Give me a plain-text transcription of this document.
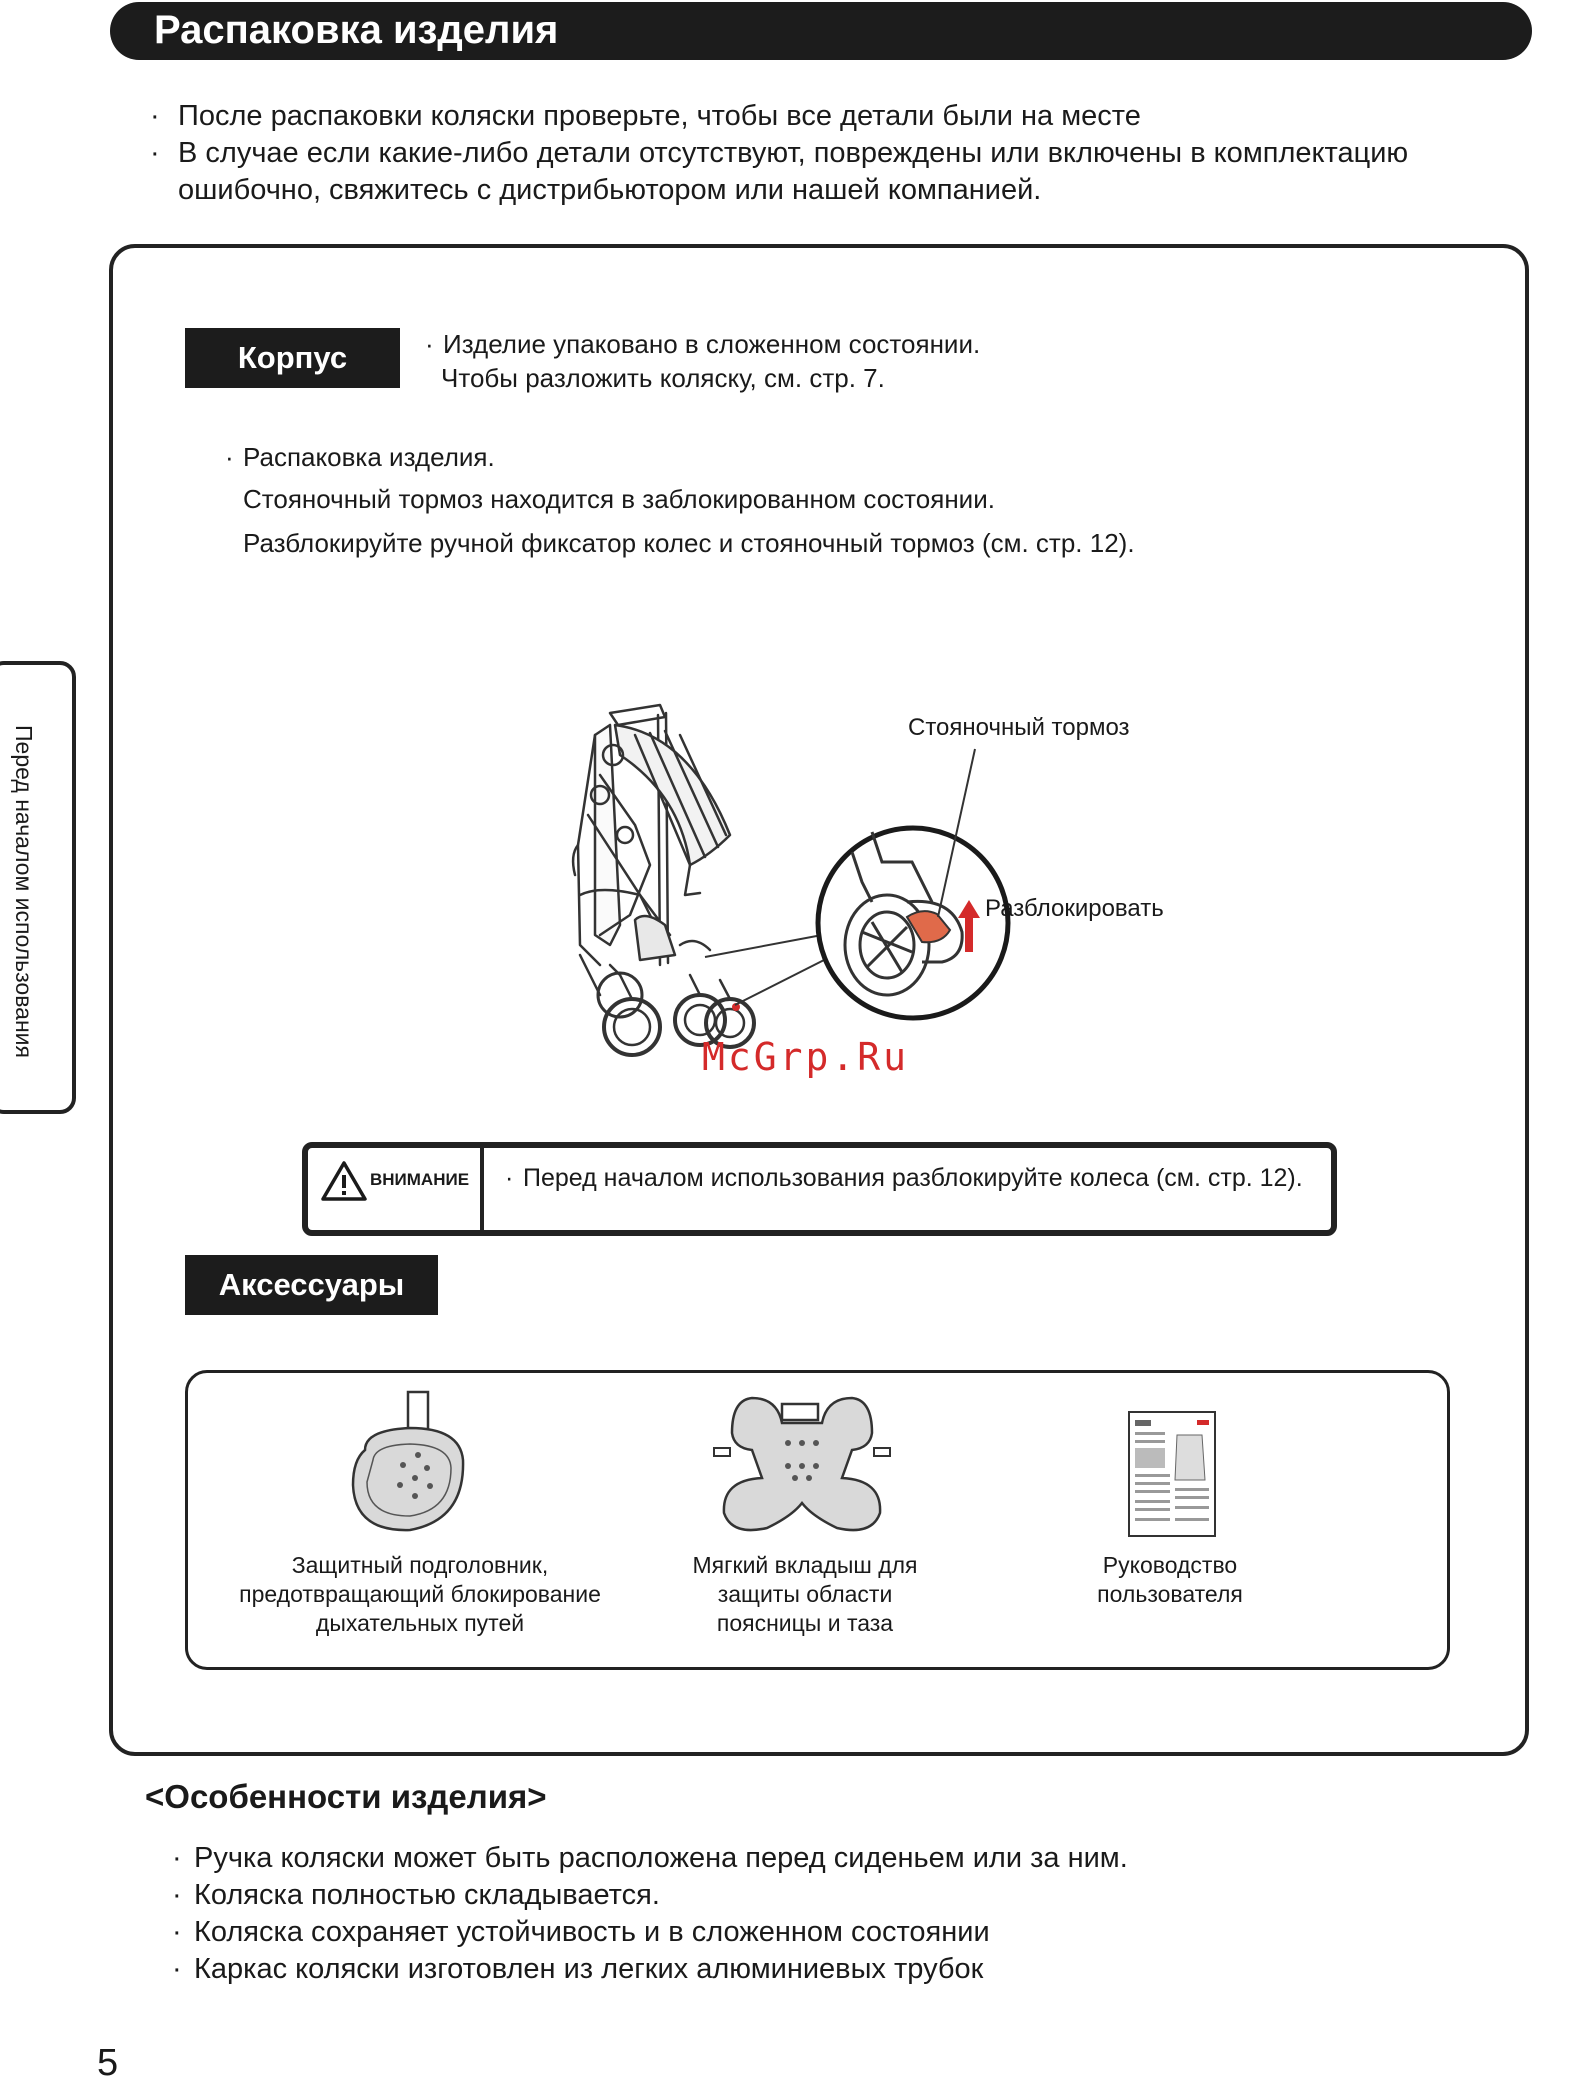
Распаковка изделия
· После распаковки коляски проверьте, чтобы все детали были на месте
· В случае если какие-либо детали отсутствуют, повреждены или включены в комплектацию
ошибочно, свяжитесь с дистрибьютором или нашей компанией.
Перед началом использования
Корпус	· Изделие упаковано в сложенном состоянии.
Чтобы разложить коляску, см. стр. 7.
· Распаковка изделия.
Стояночный тормоз находится в заблокированном состоянии.
Разблокируйте ручной фиксатор колес и стояночный тормоз (см. стр. 12).
Стояночный тормоз
Разблокировать
McGrp.Ru
ВНИМАНИЕ · Перед началом использования разблокируйте колеса (см. стр. 12).
Аксессуары
Защитный подголовник,
предотвращающий блокирование
дыхательных путей
Мягкий вкладыш для
защиты области
поясницы и таза
Руководство
пользователя
<Особенности изделия>
· Ручка коляски может быть расположена перед сиденьем или за ним.
· Коляска полностью складывается.
· Коляска сохраняет устойчивость и в сложенном состоянии
· Каркас коляски изготовлен из легких алюминиевых трубок
5
